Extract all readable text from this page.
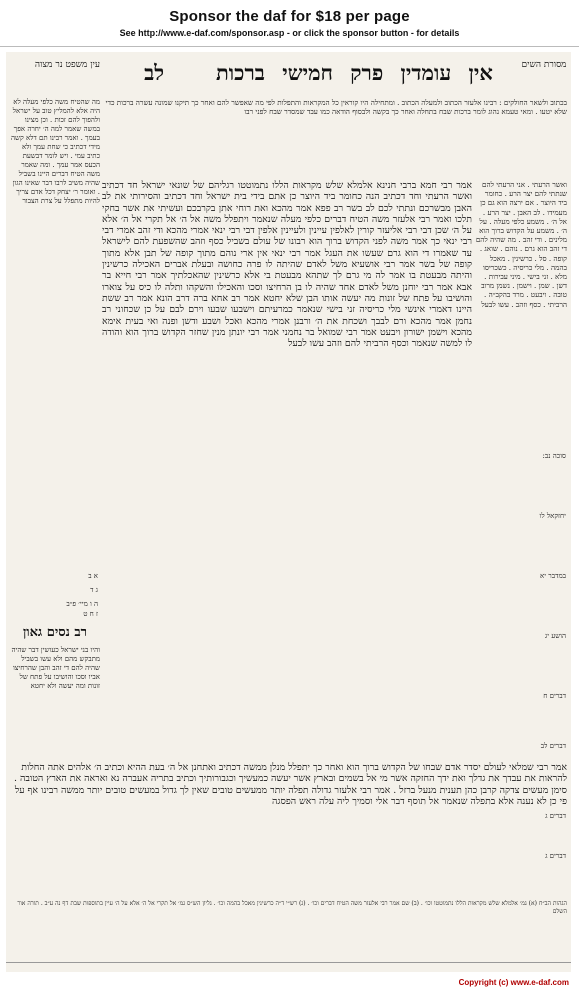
Sponsor the daf for $18 per page
See http://www.e-daf.com/sponsor.asp - or click the sponsor button - for details
מסורת השים
אין עומדין פרק חמישי ברכות   לב
עין משפט נר מצוה
בכתוב ולשאר החולקים : רבינו אלעזר הכתוב ולמעלה הכתוב . ומתחילה היו קוראין כל המקראות והתפלות לפי מה שאפשר להם ואחר כך תיקנו שמונה עשרה ברכות כדי שלא יטעו . ומאי טעמא נהוג לומר ברכות שבח בתחלה ואחר כך בקשה ולבסוף הודאה כמו עבד שמסדר שבח לפני רבו
אמר רבי חמא ברבי חנינא אלמלא שלש מקראות הללו נתמוטטו רגליהם של שונאי ישראל חד דכתיב ואשר הרעתי וחד דכתיב הנה כחומר ביד היוצר כן אתם בידי בית ישראל וחד דכתיב והסירותי את לב האבן מבשרכם ונתתי לכם לב בשר רב פפא אמר מהכא ואת רוחי אתן בקרבכם ועשיתי את אשר בחקי תלכו ואמר רבי אלעזר משה הטיח דברים כלפי מעלה שנאמר ויתפלל משה אל ה׳ אל תקרי אל ה׳ אלא על ה׳ שכן דבי רבי אליעזר קורין לאלפין עיינין ולעיינין אלפין דבי רבי ינאי אמרי מהכא ודי זהב אמרי דבי רבי ינאי כך אמר משה לפני הקדוש ברוך הוא רבונו של עולם בשביל כסף וזהב שהשפעת להם לישראל עד שאמרו די הוא גרם שעשו את העגל אמר רבי ינאי אין ארי נוהם מתוך קופה של תבן אלא מתוך קופה של בשר אמר רבי אושעיא משל לאדם שהיתה לו פרה כחושה ובעלת אברים האכילה כרשינין והיתה מבעטת בו אמר לה מי גרם לך שתהא מבעטת בי אלא כרשינין שהאכלתיך אמר רבי חייא בר אבא אמר רבי יוחנן משל לאדם אחד שהיה לו בן הרחיצו וסכו והאכילו והשקהו ותלה לו כיס על צוארו והושיבו על פתח של זונות מה יעשה אותו הבן שלא יחטא אמר רב אחא ברה דרב הונא אמר רב ששת היינו דאמרי אינשי מלי כריסיה זני בישי שנאמר כמרעיתם וישבעו שבעו וירם לבם על כן שכחוני רב נחמן אמר מהכא ורם לבבך ושכחת את ה׳ ורבנן אמרי מהכא ואכל ושבע ודשן ופנה ואי בעית אימא מהכא וישמן ישורון ויבעט אמר רבי שמואל בר נחמני אמר רבי יונתן מנין שחזר הקדוש ברוך הוא והודה לו למשה שנאמר וכסף הרביתי להם וזהב עשו לבעל
ואשר הרעתי . אני הרעתי להם שנתתי להם יצר הרע . כחומר ביד היוצר . אם ירצה הוא גם כן מעמידו . לב האבן . יצר הרע . אל ה׳ . משמע כלפי מעלה . על ה׳ . משמע על הקדוש ברוך הוא מלינים . ודי זהב . מה שהיה להם די זהב הוא גרם . נוהם . שואג . קופה . סל . כרשינין . מאכל בהמה . מלי כריסיה . כשכריסו מלא . זני בישי . מיני עבירות . דשן . שמן . וישמן . נשמן מרוב טובה . ויבעט . מרד בהקב״ה . הרביתי . כסף וזהב . עשו לבעל
מה שהטיח משה כלפי מעלה לא היה אלא להמליץ טוב על ישראל ולהפוך להם זכות . וכן מצינו במשה שאמר למה ה׳ יחרה אפך בעמך . ואמר רבינו תם דלא קשה מידי דכתיב כי שחת עמך ולא כתיב עמי . ויש לומר דבשעת הכעס אמר עמך . ומה שאמר משה הטיח דברים היינו בשביל שהיה משיב לרבו דבר שאינו הגון . ואומר ר׳ יצחק דכל אדם צריך להיות מתפלל על צרת הצבור
רב נסים גאון
והיו בני ישראל כעושין דבר שהיה מתבקש מהם ולא עשו בשביל שהיה להם די זהב והבן שהרחיצו אביו וסכו והושיבו על פתח של זונות ומה יעשה ולא יחטא
אמר רבי שמלאי לעולם יסדר אדם שבחו של הקדוש ברוך הוא ואחר כך יתפלל מנלן ממשה דכתיב ואתחנן אל ה׳ בעת ההיא וכתיב ה׳ אלהים אתה החלות להראות את עבדך את גדלך ואת ידך החזקה אשר מי אל בשמים ובארץ אשר יעשה כמעשיך וכגבורותיך וכתיב בתריה אעברה נא ואראה את הארץ הטובה . סימן מעשים צדקה קרבן כהן תענית מנעל ברזל . אמר רבי אלעזר גדולה תפלה יותר ממעשים טובים שאין לך גדול במעשים טובים יותר ממשה רבינו אף על פי כן לא נענה אלא בתפלה שנאמר אל תוסף דבר אלי וסמיך ליה עלה ראש הפסגה
הגהות הב״ח (א) גמ׳ אלמלא שלש מקראות הללו נתמוטטו וכו׳ . (ב) שם אמר רבי אלעזר משה הטיח דברים וכו׳ . (ג) רש״י ד״ה כרשינין מאכל בהמה וכו׳ . גליון הש״ס גמ׳ אל תקרי אל ה׳ אלא על ה׳ עיין בתוספות שבת דף נה ע״ב . תורה אור השלם
סוכה נב:
יחזקאל לו
במדבר יא
הושע יג
דברים ח
דברים לב
דברים ג
דברים ג
א ב
ג ד
ה ו מיי׳ פ״ב
ז ח ט
Copyright (c) www.e-daf.com
